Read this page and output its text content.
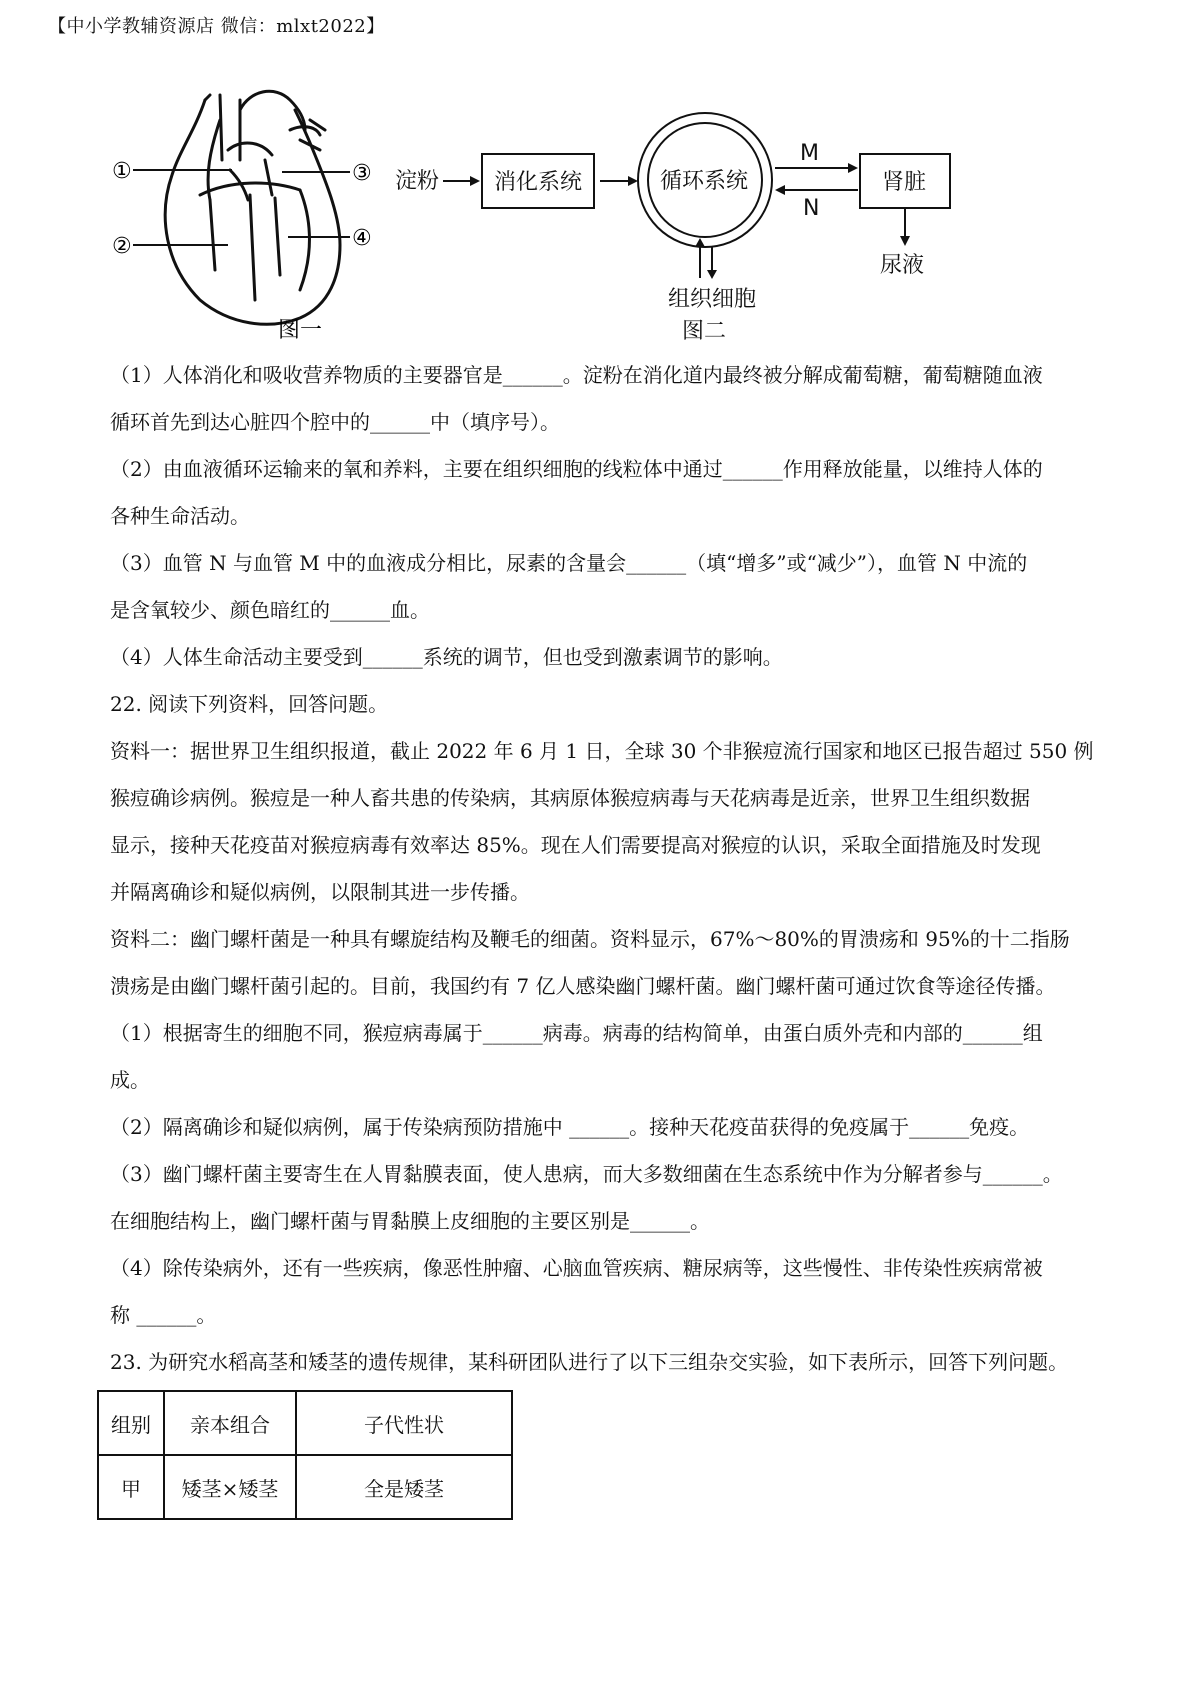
【中小学教辅资源店 微信：mlxt2022】
①
②
③
④
图一
淀粉 消化系统	循环系统
M
N
肾脏
尿液
组织细胞
图二

（1）人体消化和吸收营养物质的主要器官是______。淀粉在消化道内最终被分解成葡萄糖，葡萄糖随血液

循环首先到达心脏四个腔中的______中（填序号）。

（2）由血液循环运输来的氧和养料，主要在组织细胞的线粒体中通过______作用释放能量，以维持人体的

各种生命活动。

（3）血管 N 与血管 M 中的血液成分相比，尿素的含量会______（填“增多”或“减少”），血管 N 中流的

是含氧较少、颜色暗红的______血。

（4）人体生命活动主要受到______系统的调节，但也受到激素调节的影响。

22. 阅读下列资料，回答问题。

资料一：据世界卫生组织报道，截止 2022 年 6 月 1 日，全球 30 个非猴痘流行国家和地区已报告超过 550 例

猴痘确诊病例。猴痘是一种人畜共患的传染病，其病原体猴痘病毒与天花病毒是近亲，世界卫生组织数据

显示，接种天花疫苗对猴痘病毒有效率达 85%。现在人们需要提高对猴痘的认识，采取全面措施及时发现

并隔离确诊和疑似病例，以限制其进一步传播。

资料二：幽门螺杆菌是一种具有螺旋结构及鞭毛的细菌。资料显示，67%～80%的胃溃疡和 95%的十二指肠

溃疡是由幽门螺杆菌引起的。目前，我国约有 7 亿人感染幽门螺杆菌。幽门螺杆菌可通过饮食等途径传播。

（1）根据寄生的细胞不同，猴痘病毒属于______病毒。病毒的结构简单，由蛋白质外壳和内部的______组

成。

（2）隔离确诊和疑似病例，属于传染病预防措施中 ______。接种天花疫苗获得的免疫属于______免疫。

（3）幽门螺杆菌主要寄生在人胃黏膜表面，使人患病，而大多数细菌在生态系统中作为分解者参与______。

在细胞结构上，幽门螺杆菌与胃黏膜上皮细胞的主要区别是______。

（4）除传染病外，还有一些疾病，像恶性肿瘤、心脑血管疾病、糖尿病等，这些慢性、非传染性疾病常被

称 ______。

23. 为研究水稻高茎和矮茎的遗传规律，某科研团队进行了以下三组杂交实验，如下表所示，回答下列问题。

组别	亲本组合	子代性状
甲	矮茎×矮茎	全是矮茎
